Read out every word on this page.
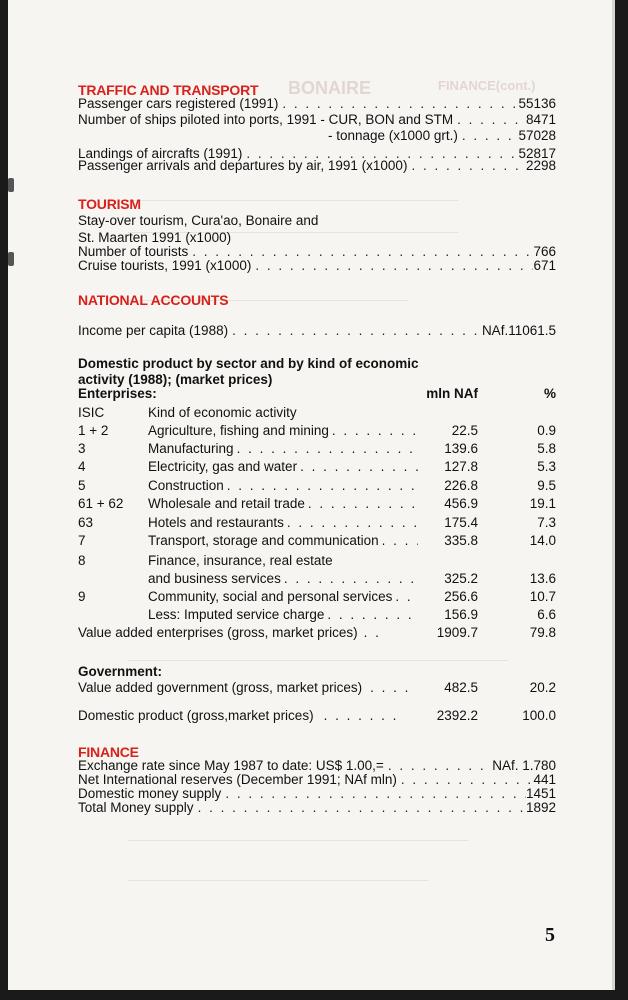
BONAIRE	FINANCE(cont.)
TRAFFIC AND TRANSPORT
Passenger cars registered (1991) . . .	55136
Number of ships piloted into ports, 1991 - CUR, BON and STM . . .	8471
- tonnage (x1000 grt.) . . .	57028
Landings of aircrafts (1991) . . .	52817
Passenger arrivals and departures by air, 1991 (x1000) . . .	2298
TOURISM
Stay-over tourism, Cura'ao, Bonaire and
St. Maarten 1991 (x1000)
Number of tourists . . .	766
Cruise tourists, 1991 (x1000) . . .	671
NATIONAL ACCOUNTS
Income per capita (1988) . . .	NAf.11061.5
Domestic product by sector and by kind of economic
activity (1988); (market prices)
Enterprises:	mln NAf	%
ISIC	Kind of economic activity
1 + 2	Agriculture, fishing and mining . . .	22.5	0.9
3	Manufacturing . . .	139.6	5.8
4	Electricity, gas and water . . .	127.8	5.3
5	Construction . . .	226.8	9.5
61 + 62	Wholesale and retail trade . . .	456.9	19.1
63	Hotels and restaurants . . .	175.4	7.3
7	Transport, storage and communication . . .	335.8	14.0
8	Finance, insurance, real estate
and business services . . .	325.2	13.6
9	Community, social and personal services . . .	256.6	10.7
Less: Imputed service charge . . .	156.9	6.6
Value added enterprises (gross, market prices) . .	1909.7	79.8
Government:
Value added government (gross, market prices) . . . .	482.5	20.2
Domestic product (gross,market prices) . . . . . . .	2392.2	100.0
FINANCE
Exchange rate since May 1987 to date: US$ 1.00,= . . .	NAf. 1.780
Net International reserves (December 1991; NAf mln) . . .	441
Domestic money supply . . .	1451
Total Money supply . . .	1892
5
